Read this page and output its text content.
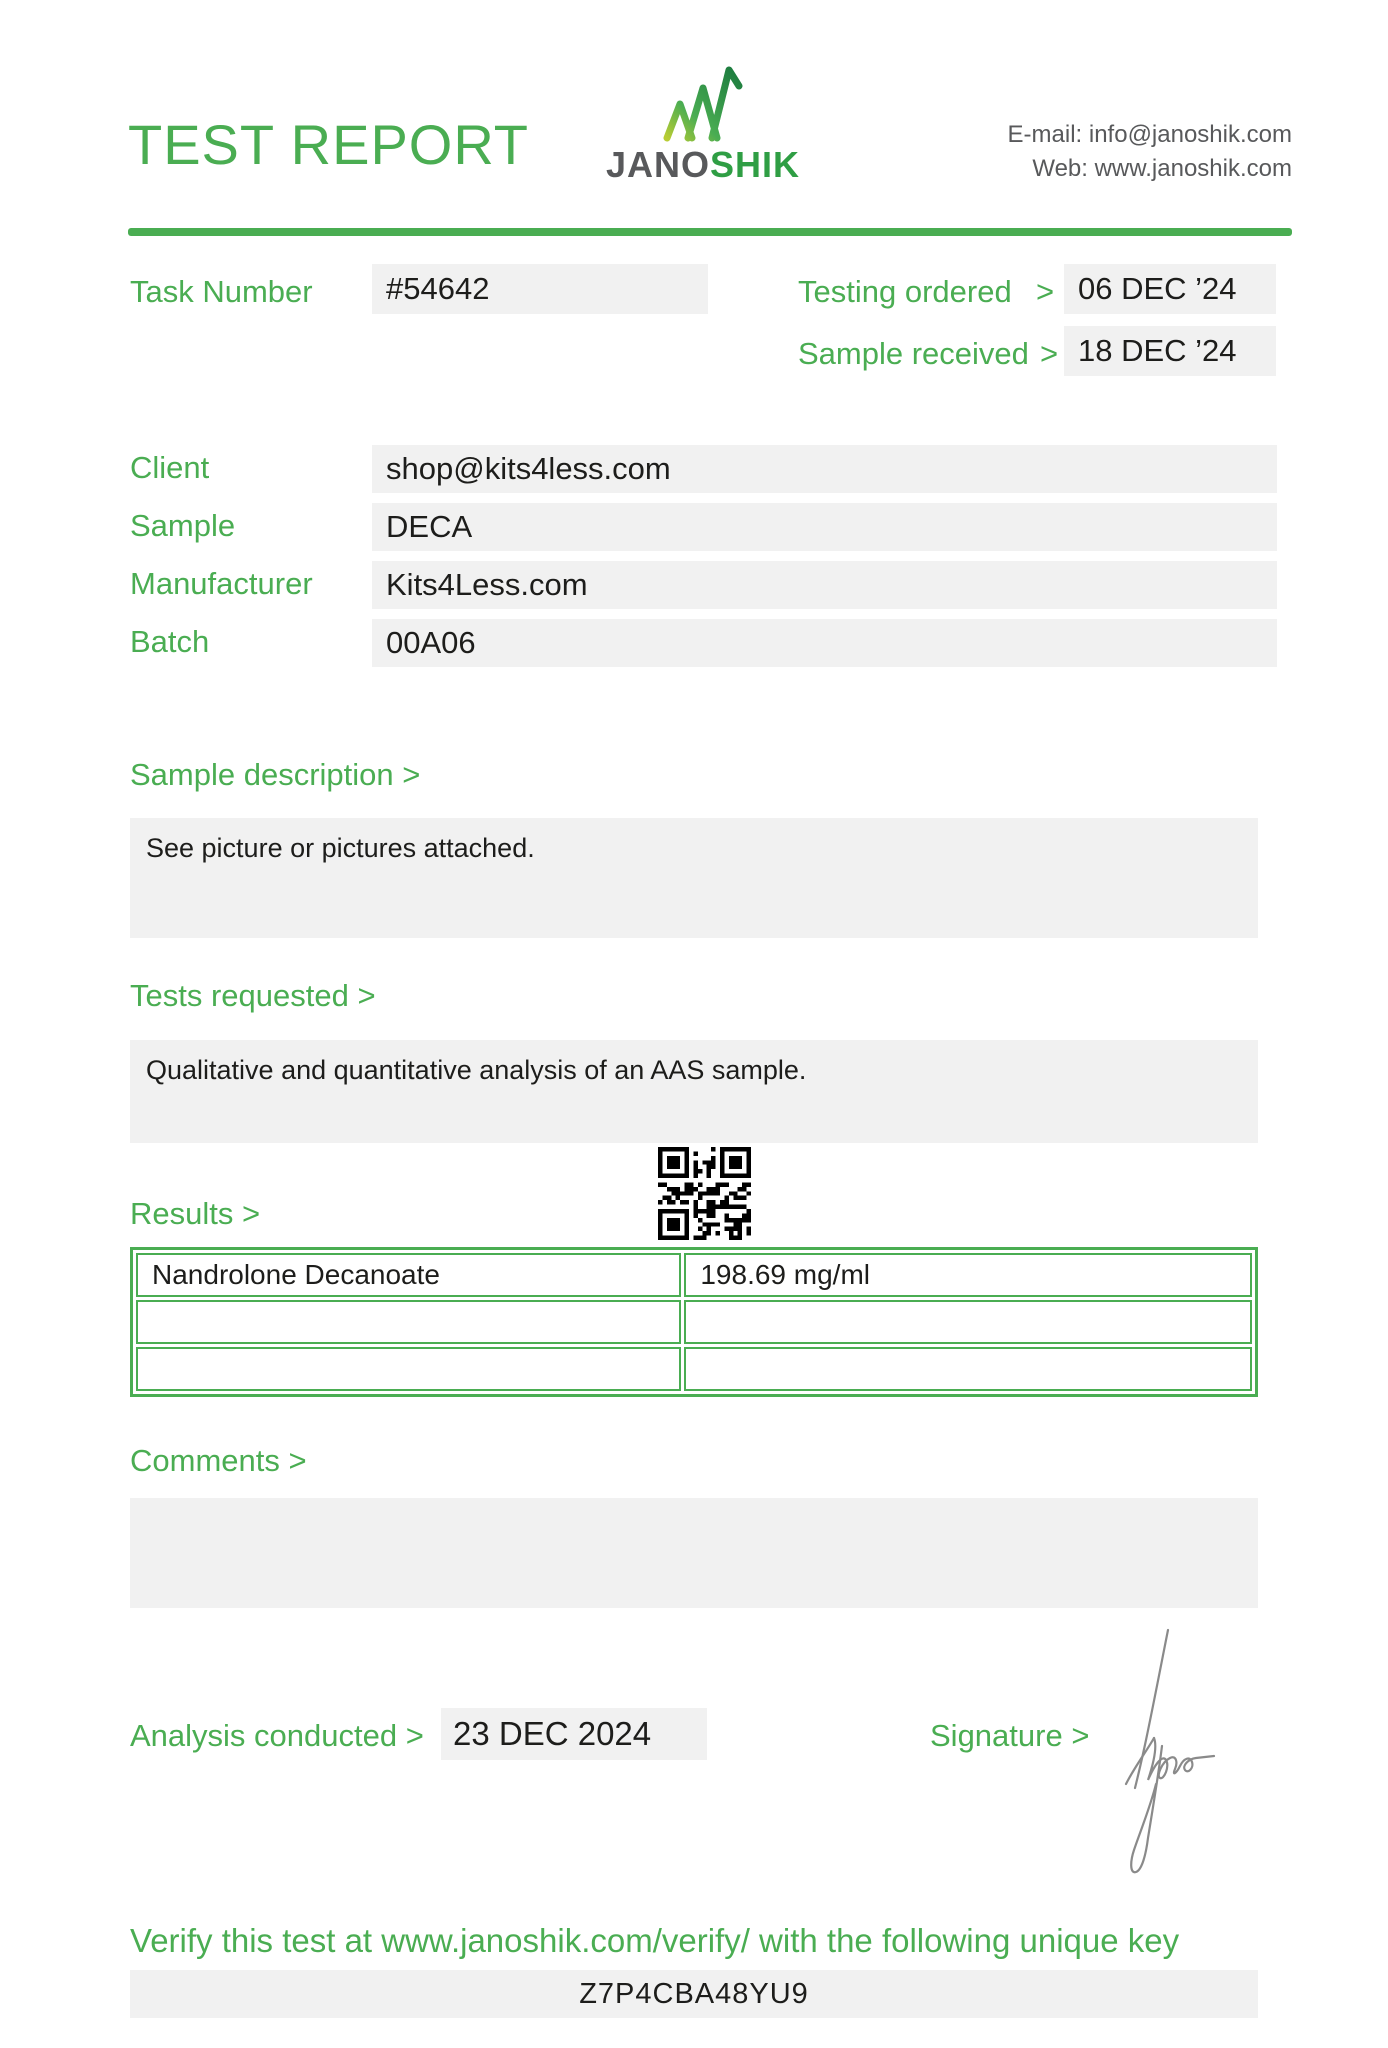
TEST REPORT JANOSHIK
E-mail: info@janoshik.com
Web: www.janoshik.com
Task Number	#54642	Testing ordered > 06 DEC ’24
Sample received > 18 DEC ’24
Client	shop@kits4less.com
Sample	DECA
Manufacturer	Kits4Less.com
Batch	00A06
Sample description >
See picture or pictures attached.
Tests requested >
Qualitative and quantitative analysis of an AAS sample.
Results >
Nandrolone Decanoate	198.69 mg/ml

Comments >
Analysis conducted > 23 DEC 2024	Signature >
Verify this test at www.janoshik.com/verify/ with the following unique key
Z7P4CBA48YU9
